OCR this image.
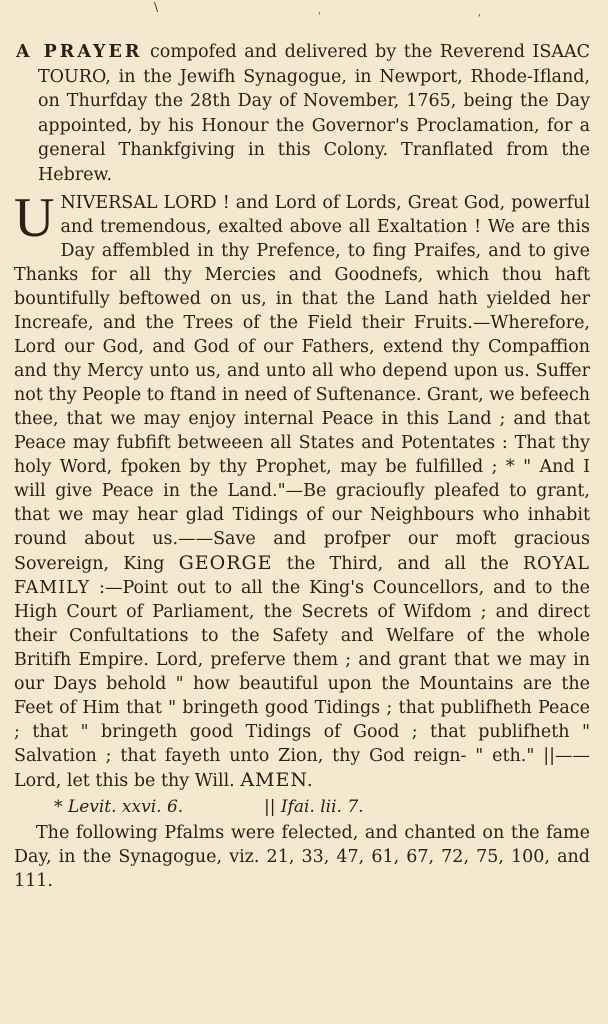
\
'	'

A PRAYER compofed and delivered by the Reverend ISAAC TOURO, in the Jewifh Synagogue, in Newport, Rhode-Ifland, on Thurfday the 28th Day of November, 1765, being the Day appointed, by his Honour the Governor's Proclamation, for a general Thankfgiving in this Colony. Tranflated from the Hebrew.

U NIVERSAL LORD ! and Lord of Lords, Great God, powerful and tremendous, exalted above all Exaltation ! We are this Day affembled in thy Prefence, to fing Praifes, and to give Thanks for all thy Mercies and Goodnefs, which thou haft bountifully beftowed on us, in that the Land hath yielded her Increafe, and the Trees of the Field their Fruits.—Wherefore, Lord our God, and God of our Fathers, extend thy Compaffion and thy Mercy unto us, and unto all who depend upon us. Suffer not thy People to ftand in need of Suftenance. Grant, we befeech thee, that we may enjoy internal Peace in this Land ; and that Peace may fubfift betweeen all States and Potentates : That thy holy Word, fpoken by thy Prophet, may be fulfilled ; * " And I will give Peace in the Land."—Be gracioufly pleafed to grant, that we may hear glad Tidings of our Neighbours who inhabit round about us.——Save and profper our moft gracious Sovereign, King GEORGE the Third, and all the ROYAL FAMILY :—Point out to all the King's Councellors, and to the High Court of Parliament, the Secrets of Wifdom ; and direct their Confultations to the Safety and Welfare of the whole Britifh Empire. Lord, preferve them ; and grant that we may in our Days behold " how beautiful upon the Mountains are the Feet of Him that " bringeth good Tidings ; that publifheth Peace ; that " bringeth good Tidings of Good ; that publifheth " Salvation ; that fayeth unto Zion, thy God reign- " eth." ||——Lord, let this be thy Will. AMEN.
* Levit. xxvi. 6.	|| Ifai. lii. 7.

The following Pfalms were felected, and chanted on the fame Day, in the Synagogue, viz. 21, 33, 47, 61, 67, 72, 75, 100, and 111.
